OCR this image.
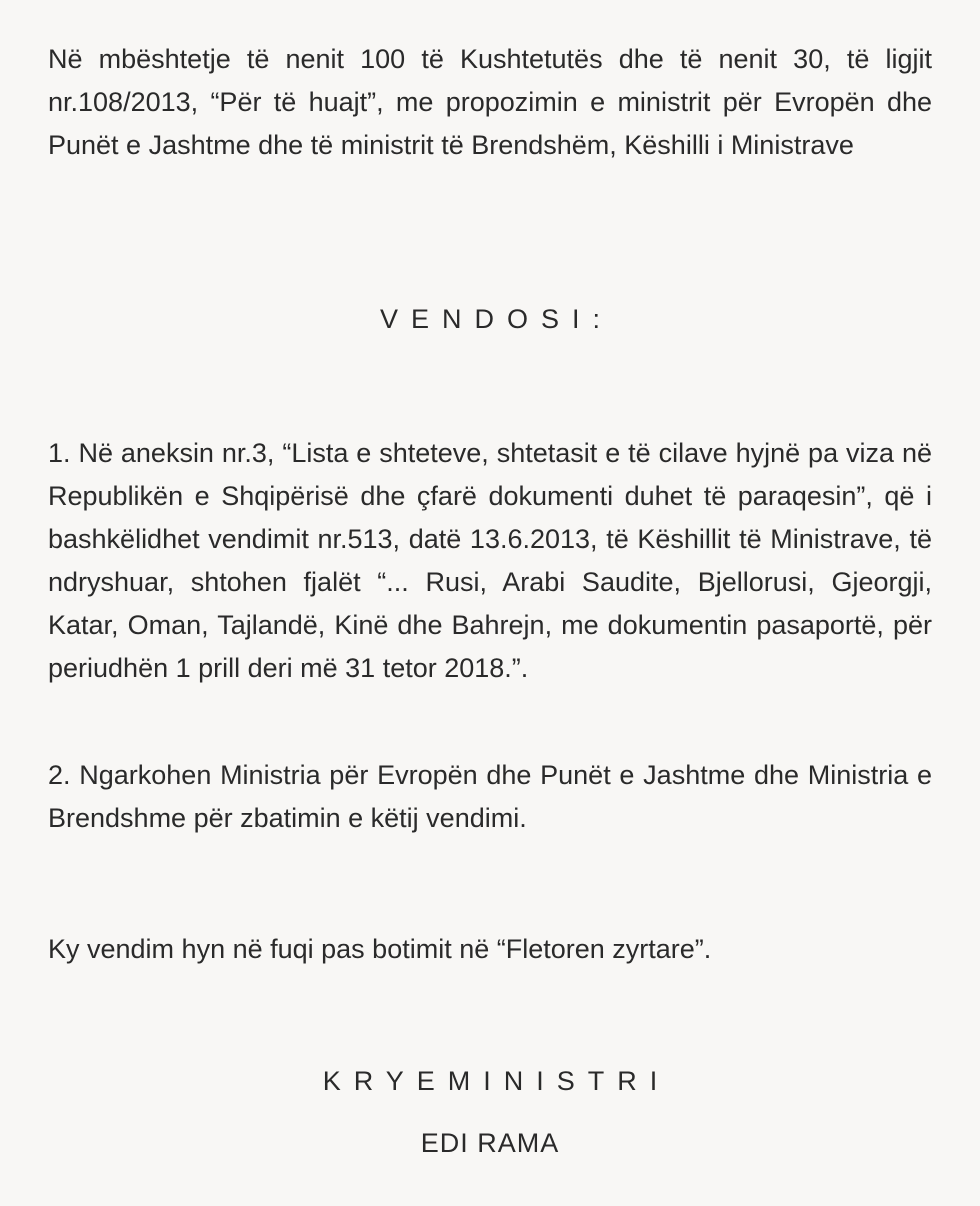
Në mbështetje të nenit 100 të Kushtetutës dhe të nenit 30, të ligjit nr.108/2013, “Për të huajt”, me propozimin e ministrit për Evropën dhe Punët e Jashtme dhe të ministrit të Brendshëm, Këshilli i Ministrave

VENDOSI:

1. Në aneksin nr.3, “Lista e shteteve, shtetasit e të cilave hyjnë pa viza në Republikën e Shqipërisë dhe çfarë dokumenti duhet të paraqesin”, që i bashkëlidhet vendimit nr.513, datë 13.6.2013, të Këshillit të Ministrave, të ndryshuar, shtohen fjalët “... Rusi, Arabi Saudite, Bjellorusi, Gjeorgji, Katar, Oman, Tajlandë, Kinë dhe Bahrejn, me dokumentin pasaportë, për periudhën 1 prill deri më 31 tetor 2018.”.

2. Ngarkohen Ministria për Evropën dhe Punët e Jashtme dhe Ministria e Brendshme për zbatimin e këtij vendimi.

Ky vendim hyn në fuqi pas botimit në “Fletoren zyrtare”.

KRYEMINISTRI

EDI RAMA
